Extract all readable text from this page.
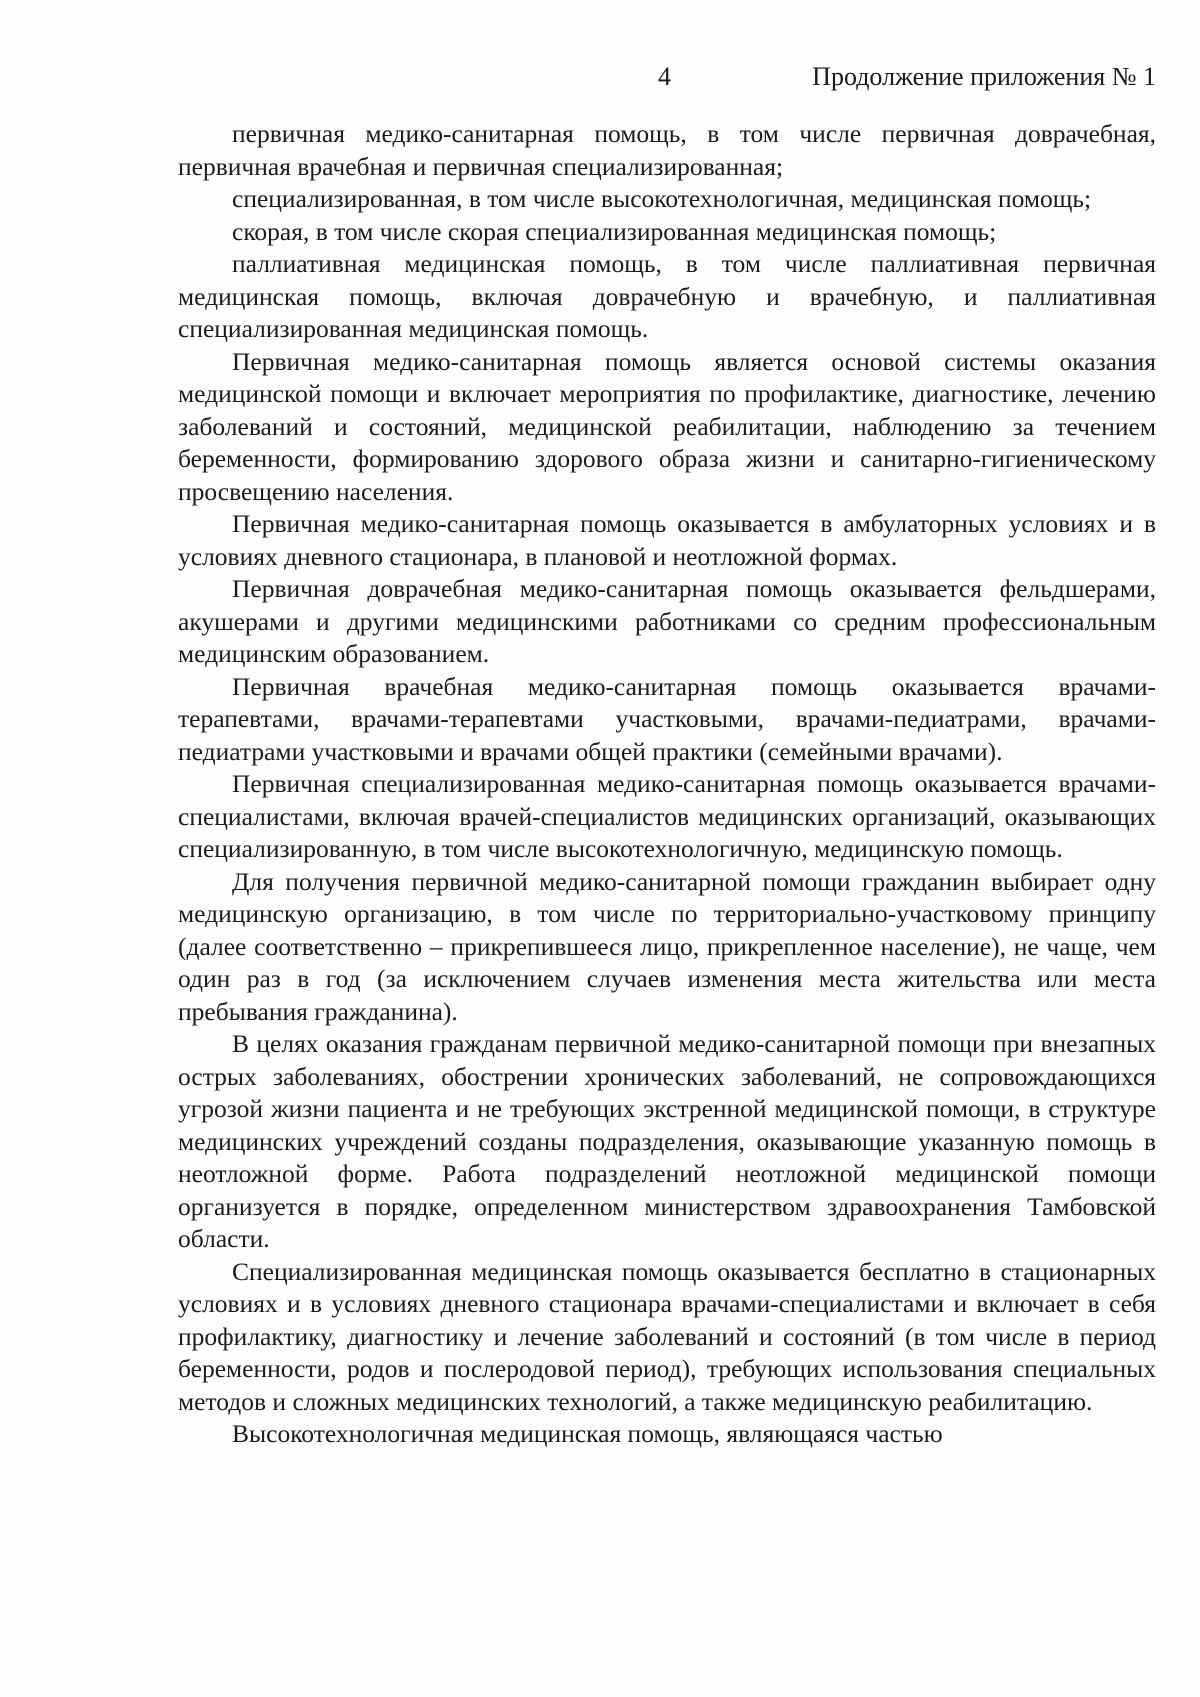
4	Продолжение приложения № 1

первичная медико-санитарная помощь, в том числе первичная доврачебная, первичная врачебная и первичная специализированная;

специализированная, в том числе высокотехнологичная, медицинская помощь;

скорая, в том числе скорая специализированная медицинская помощь;

паллиативная медицинская помощь, в том числе паллиативная первичная медицинская помощь, включая доврачебную и врачебную, и паллиативная специализированная медицинская помощь.

Первичная медико-санитарная помощь является основой системы оказания медицинской помощи и включает мероприятия по профилактике, диагностике, лечению заболеваний и состояний, медицинской реабилитации, наблюдению за течением беременности, формированию здорового образа жизни и санитарно-гигиеническому просвещению населения.

Первичная медико-санитарная помощь оказывается в амбулаторных условиях и в условиях дневного стационара, в плановой и неотложной формах.

Первичная доврачебная медико-санитарная помощь оказывается фельдшерами, акушерами и другими медицинскими работниками со средним профессиональным медицинским образованием.

Первичная врачебная медико-санитарная помощь оказывается врачами-терапевтами, врачами-терапевтами участковыми, врачами-педиатрами, врачами-педиатрами участковыми и врачами общей практики (семейными врачами).

Первичная специализированная медико-санитарная помощь оказывается врачами-специалистами, включая врачей-специалистов медицинских организаций, оказывающих специализированную, в том числе высокотехнологичную, медицинскую помощь.

Для получения первичной медико-санитарной помощи гражданин выбирает одну медицинскую организацию, в том числе по территориально-участковому принципу (далее соответственно – прикрепившееся лицо, прикрепленное население), не чаще, чем один раз в год (за исключением случаев изменения места жительства или места пребывания гражданина).

В целях оказания гражданам первичной медико-санитарной помощи при внезапных острых заболеваниях, обострении хронических заболеваний, не сопровождающихся угрозой жизни пациента и не требующих экстренной медицинской помощи, в структуре медицинских учреждений созданы подразделения, оказывающие указанную помощь в неотложной форме. Работа подразделений неотложной медицинской помощи организуется в порядке, определенном министерством здравоохранения Тамбовской области.

Специализированная медицинская помощь оказывается бесплатно в стационарных условиях и в условиях дневного стационара врачами-специалистами и включает в себя профилактику, диагностику и лечение заболеваний и состояний (в том числе в период беременности, родов и послеродовой период), требующих использования специальных методов и сложных медицинских технологий, а также медицинскую реабилитацию.

Высокотехнологичная медицинская помощь, являющаяся частью
